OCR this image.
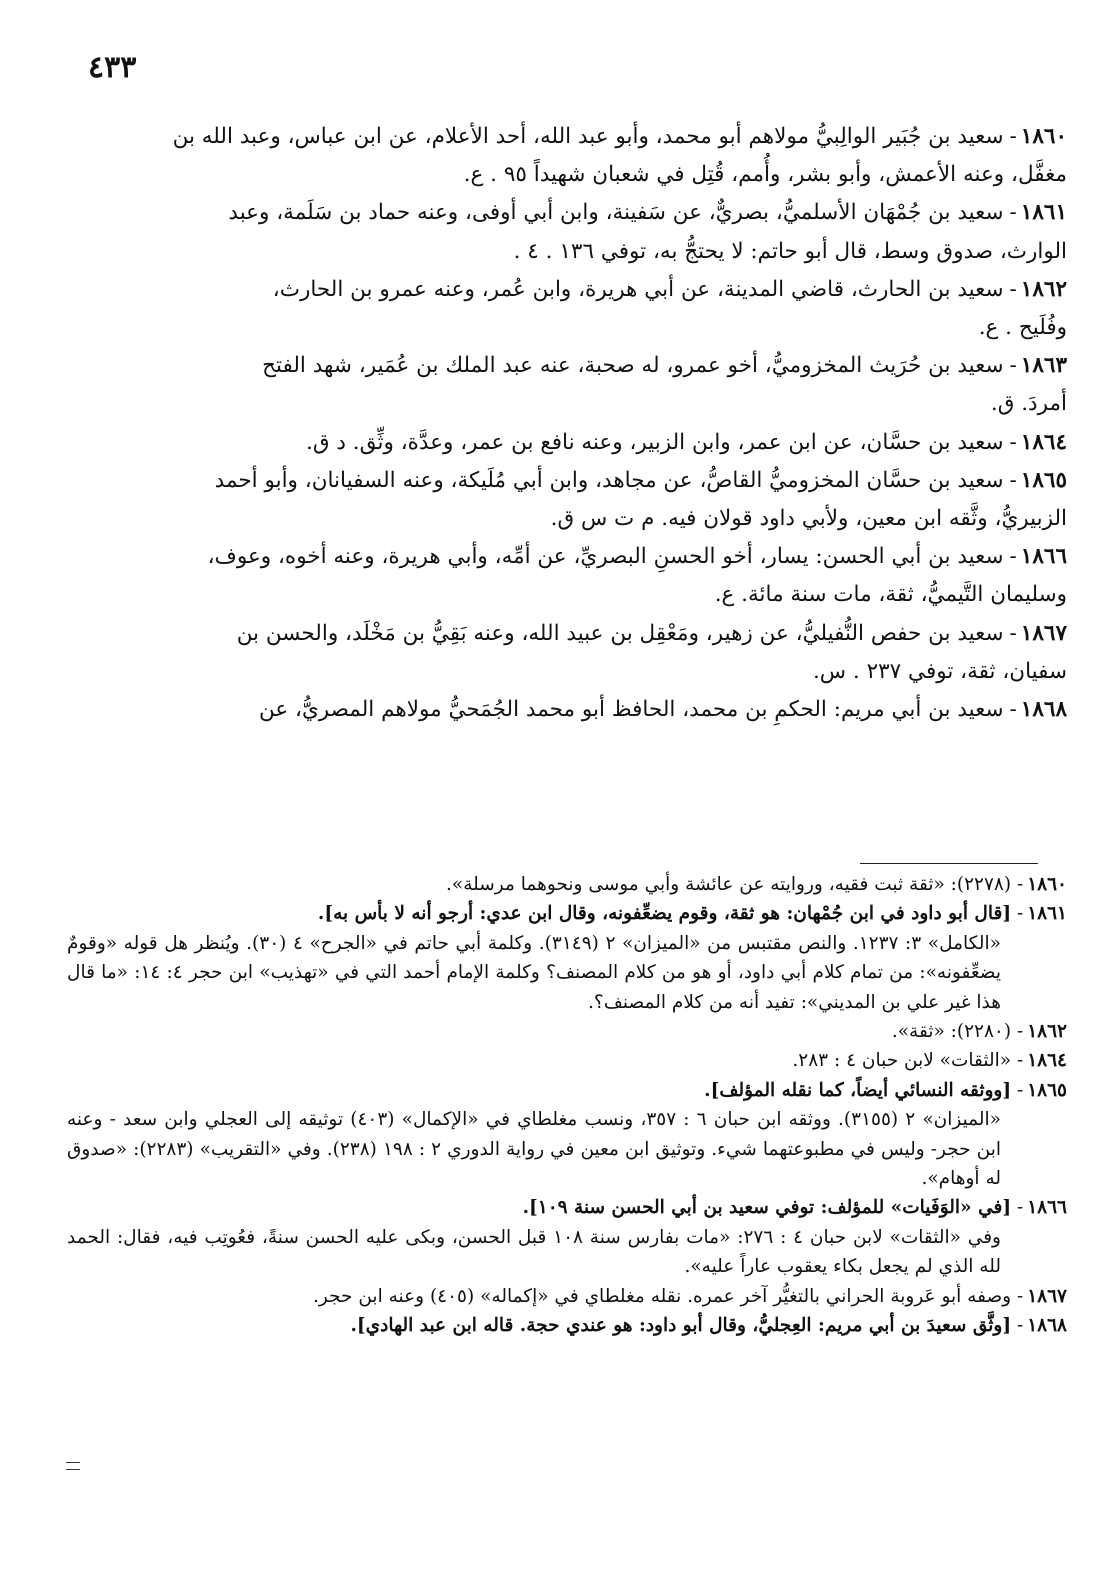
٤٣٣

١٨٦٠-سعيد بن جُبَير الوالِبيُّ مولاهم أبو محمد، وأبو عبد الله، أحد الأعلام، عن ابن عباس، وعبد الله بن
مغفَّل، وعنه الأعمش، وأبو بشر، وأُمم، قُتِل في شعبان شهيداً ٩٥ . ع.

١٨٦١-سعيد بن جُمْهَان الأسلميُّ، بصريٌّ، عن سَفينة، وابن أبي أوفى، وعنه حماد بن سَلَمة، وعبد
الوارث، صدوق وسط، قال أبو حاتم: لا يحتجُّ به، توفي ١٣٦ . ٤ .

١٨٦٢-سعيد بن الحارث، قاضي المدينة، عن أبي هريرة، وابن عُمر، وعنه عمرو بن الحارث،
وفُلَيح . ع.

١٨٦٣-سعيد بن حُرَيث المخزوميُّ، أخو عمرو، له صحبة، عنه عبد الملك بن عُمَير، شهد الفتح
أمردَ. ق.

١٨٦٤-سعيد بن حسَّان، عن ابن عمر، وابن الزبير، وعنه نافع بن عمر، وعدَّة، وثِّق. د ق.

١٨٦٥-سعيد بن حسَّان المخزوميُّ القاصُّ، عن مجاهد، وابن أبي مُلَيكة، وعنه السفيانان، وأبو أحمد
الزبيريُّ، وثَّقه ابن معين، ولأبي داود قولان فيه. م ت س ق.

١٨٦٦-سعيد بن أبي الحسن: يسار، أخو الحسنِ البصريِّ، عن أمِّه، وأبي هريرة، وعنه أخوه، وعوف،
وسليمان التَّيميُّ، ثقة، مات سنة مائة. ع.

١٨٦٧-سعيد بن حفص النُّفيليُّ، عن زهير، ومَعْقِل بن عبيد الله، وعنه بَقِيُّ بن مَخْلَد، والحسن بن
سفيان، ثقة، توفي ٢٣٧ . س.

١٨٦٨-سعيد بن أبي مريم: الحكمِ بن محمد، الحافظ أبو محمد الجُمَحيُّ مولاهم المصريُّ، عن

١٨٦٠- (٢٢٧٨): «ثقة ثبت فقيه، وروايته عن عائشة وأبي موسى ونحوهما مرسلة».

١٨٦١- [قال أبو داود في ابن جُمْهان: هو ثقة، وقوم يضعِّفونه، وقال ابن عدي: أرجو أنه لا بأس به].

«الكامل» ٣: ١٢٣٧. والنص مقتبس من «الميزان» ٢ (٣١٤٩). وكلمة أبي حاتم في «الجرح» ٤ (٣٠). ويُنظر هل قوله «وقومٌ يضعِّفونه»: من تمام كلام أبي داود، أو هو من كلام المصنف؟ وكلمة الإمام أحمد التي في «تهذيب» ابن حجر ٤: ١٤: «ما قال هذا غير علي بن المديني»: تفيد أنه من كلام المصنف؟.

١٨٦٢- (٢٢٨٠): «ثقة».

١٨٦٤- «الثقات» لابن حبان ٤ : ٢٨٣.

١٨٦٥- [ووثقه النسائي أيضاً، كما نقله المؤلف].

«الميزان» ٢ (٣١٥٥). ووثقه ابن حبان ٦ : ٣٥٧، ونسب مغلطاي في «الإكمال» (٤٠٣) توثيقه إلى العجلي وابن سعد - وعنه ابن حجر- وليس في مطبوعتهما شيء. وتوثيق ابن معين في رواية الدوري ٢ : ١٩٨ (٢٣٨). وفي «التقريب» (٢٢٨٣): «صدوق له أوهام».

١٨٦٦- [في «الوَفَيات» للمؤلف: توفي سعيد بن أبي الحسن سنة ١٠٩].

وفي «الثقات» لابن حبان ٤ : ٢٧٦: «مات بفارس سنة ١٠٨ قبل الحسن، وبكى عليه الحسن سنةً، فعُوتِب فيه، فقال: الحمد لله الذي لم يجعل بكاء يعقوب عاراً عليه».

١٨٦٧- وصفه أبو عَروبة الحراني بالتغيُّر آخر عمره. نقله مغلطاي في «إكماله» (٤٠٥) وعنه ابن حجر.

١٨٦٨- [وثَّق سعيدَ بن أبي مريم: العِجليُّ، وقال أبو داود: هو عندي حجة. قاله ابن عبد الهادي].
